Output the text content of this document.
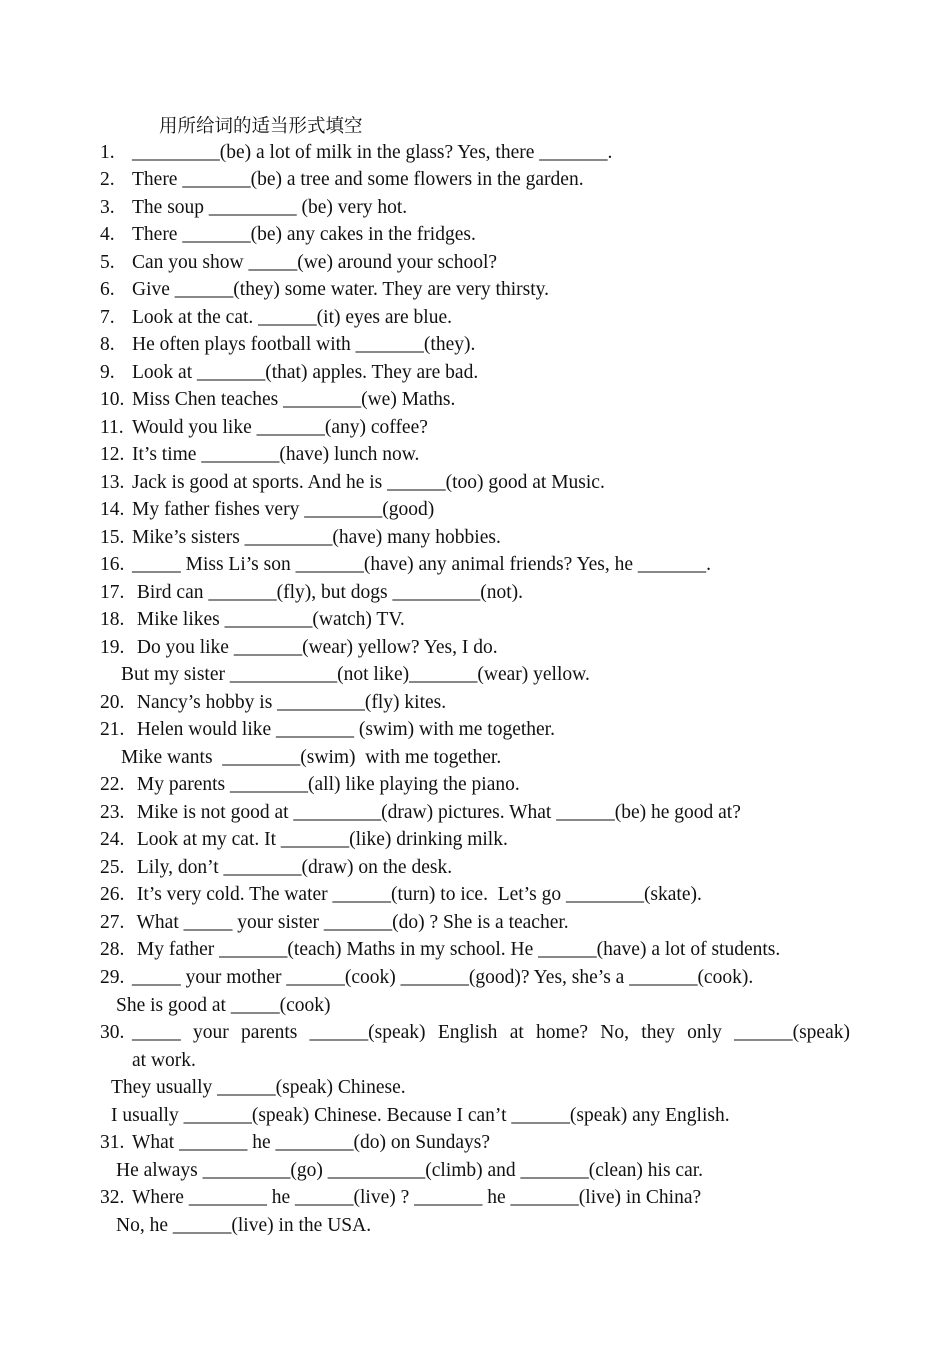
用所给词的适当形式填空
1. _________(be) a lot of milk in the glass? Yes, there _______.
2. There _______(be) a tree and some flowers in the garden.
3. The soup _________ (be) very hot.
4. There _______(be) any cakes in the fridges.
5. Can you show _____(we) around your school?
6. Give ______(they) some water. They are very thirsty.
7. Look at the cat. ______(it) eyes are blue.
8. He often plays football with _______(they).
9. Look at _______(that) apples. They are bad.
10. Miss Chen teaches ________(we) Maths.
11. Would you like _______(any) coffee?
12. It’s time ________(have) lunch now.
13. Jack is good at sports. And he is ______(too) good at Music.
14. My father fishes very ________(good)
15. Mike’s sisters _________(have) many hobbies.
16. _____ Miss Li’s son _______(have) any animal friends? Yes, he _______.
17. Bird can _______(fly), but dogs _________(not).
18. Mike likes _________(watch) TV.
19. Do you like _______(wear) yellow? Yes, I do.
But my sister ___________(not like)_______(wear) yellow.
20. Nancy’s hobby is _________(fly) kites.
21. Helen would like ________ (swim) with me together.
Mike wants  ________(swim)  with me together.
22. My parents ________(all) like playing the piano.
23. Mike is not good at _________(draw) pictures. What ______(be) he good at?
24. Look at my cat. It _______(like) drinking milk.
25. Lily, don’t ________(draw) on the desk.
26. It’s very cold. The water ______(turn) to ice.  Let’s go ________(skate).
27. What _____ your sister _______(do) ? She is a teacher.
28. My father _______(teach) Maths in my school. He ______(have) a lot of students.
29. _____ your mother ______(cook) _______(good)? Yes, she’s a _______(cook).
She is good at _____(cook)
30. _____ your parents ______(speak) English at home? No, they only ______(speak)
at work.
They usually ______(speak) Chinese.
I usually _______(speak) Chinese. Because I can’t ______(speak) any English.
31. What _______ he ________(do) on Sundays?
He always _________(go) __________(climb) and _______(clean) his car.
32. Where ________ he ______(live) ? _______ he _______(live) in China?
No, he ______(live) in the USA.
